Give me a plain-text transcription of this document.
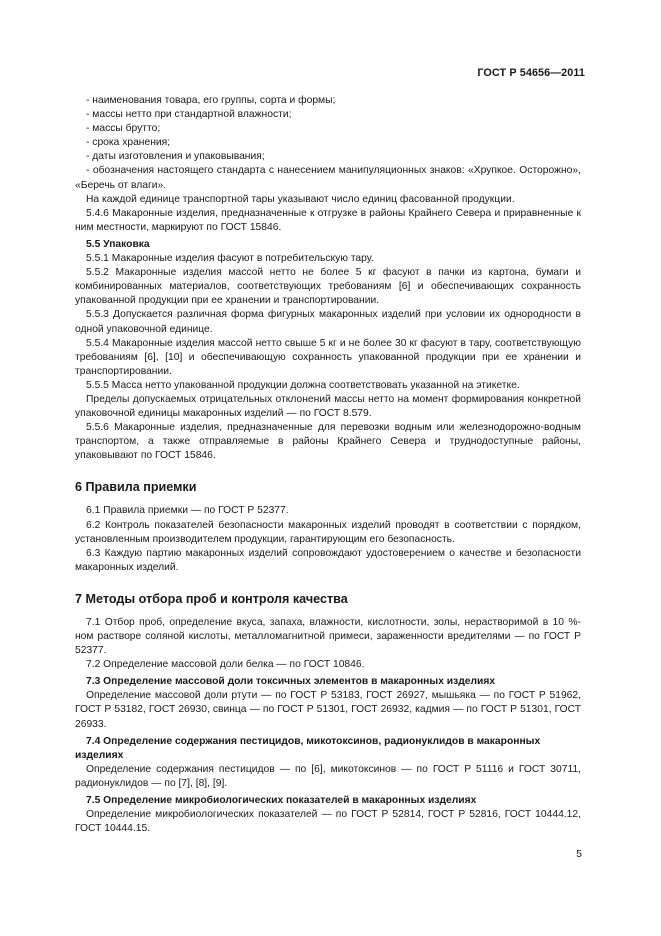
ГОСТ Р 54656—2011

- наименования товара, его группы, сорта и формы;

- массы нетто при стандартной влажности;

- массы брутто;

- срока хранения;

- даты изготовления и упаковывания;

- обозначения настоящего стандарта с нанесением манипуляционных знаков: «Хрупкое. Осторожно», «Беречь от влаги».

На каждой единице транспортной тары указывают число единиц фасованной продукции.

5.4.6 Макаронные изделия, предназначенные к отгрузке в районы Крайнего Севера и приравненные к ним местности, маркируют по ГОСТ 15846.

5.5 Упаковка

5.5.1 Макаронные изделия фасуют в потребительскую тару.

5.5.2 Макаронные изделия массой нетто не более 5 кг фасуют в пачки из картона, бумаги и комбинированных материалов, соответствующих требованиям [6] и обеспечивающих сохранность упакованной продукции при ее хранении и транспортировании.

5.5.3 Допускается различная форма фигурных макаронных изделий при условии их однородности в одной упаковочной единице.

5.5.4 Макаронные изделия массой нетто свыше 5 кг и не более 30 кг фасуют в тару, соответствующую требованиям [6], [10] и обеспечивающую сохранность упакованной продукции при ее хранении и транспортировании.

5.5.5 Масса нетто упакованной продукции должна соответствовать указанной на этикетке.

Пределы допускаемых отрицательных отклонений массы нетто на момент формирования конкретной упаковочной единицы макаронных изделий — по ГОСТ 8.579.

5.5.6 Макаронные изделия, предназначенные для перевозки водным или железнодорожно-водным транспортом, а также отправляемые в районы Крайнего Севера и труднодоступные районы, упаковывают по ГОСТ 15846.

6 Правила приемки

6.1 Правила приемки — по ГОСТ Р 52377.

6.2 Контроль показателей безопасности макаронных изделий проводят в соответствии с порядком, установленным производителем продукции, гарантирующим его безопасность.

6.3 Каждую партию макаронных изделий сопровождают удостоверением о качестве и безопасности макаронных изделий.

7 Методы отбора проб и контроля качества

7.1 Отбор проб, определение вкуса, запаха, влажности, кислотности, золы, нерастворимой в 10 %-ном растворе соляной кислоты, металломагнитной примеси, зараженности вредителями — по ГОСТ Р 52377.

7.2 Определение массовой доли белка — по ГОСТ 10846.

7.3 Определение массовой доли токсичных элементов в макаронных изделиях

Определение массовой доли ртути — по ГОСТ Р 53183, ГОСТ 26927, мышьяка — по ГОСТ Р 51962, ГОСТ Р 53182, ГОСТ 26930, свинца — по ГОСТ Р 51301, ГОСТ 26932, кадмия — по ГОСТ Р 51301, ГОСТ 26933.

7.4 Определение содержания пестицидов, микотоксинов, радионуклидов в макаронных изделиях

Определение содержания пестицидов — по [6], микотоксинов — по ГОСТ Р 51116 и ГОСТ 30711, радионуклидов — по [7], [8], [9].

7.5 Определение микробиологических показателей в макаронных изделиях

Определение микробиологических показателей — по ГОСТ Р 52814, ГОСТ Р 52816, ГОСТ 10444.12, ГОСТ 10444.15.

5
